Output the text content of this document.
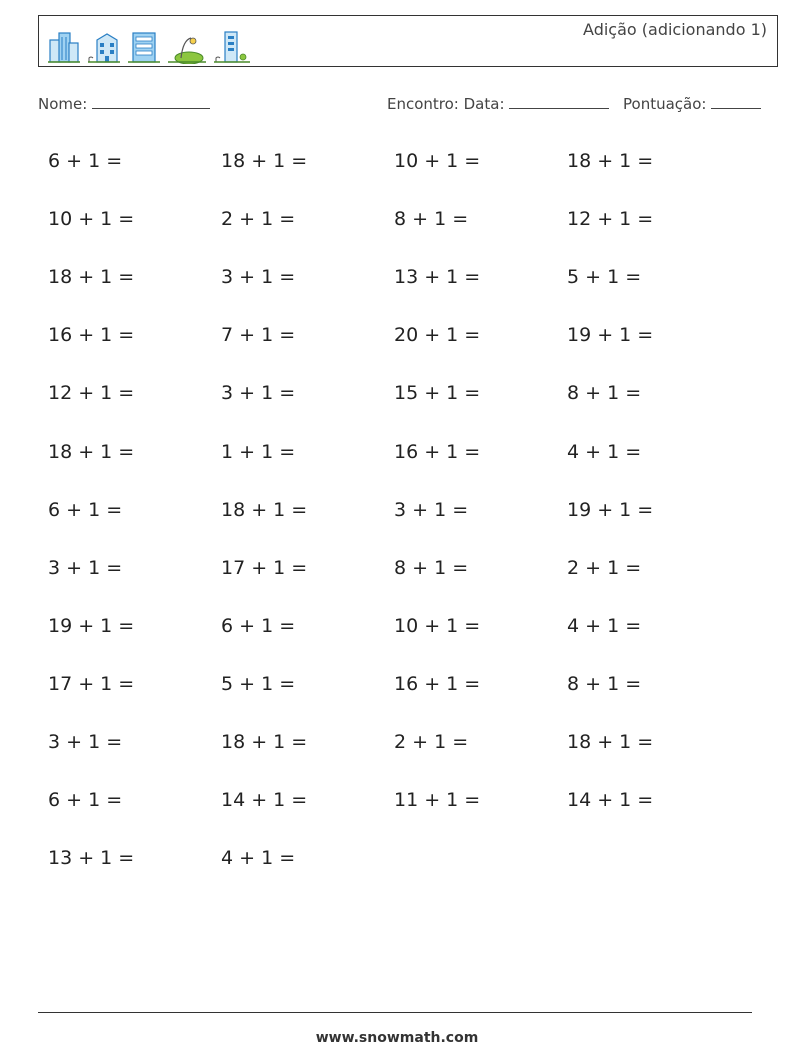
Adição (adicionando 1)
Nome:	Encontro: Data:	Pontuação:
6 + 1 =	18 + 1 =	10 + 1 =	18 + 1 =
10 + 1 =	2 + 1 =	8 + 1 =	12 + 1 =
18 + 1 =	3 + 1 =	13 + 1 =	5 + 1 =
16 + 1 =	7 + 1 =	20 + 1 =	19 + 1 =
12 + 1 =	3 + 1 =	15 + 1 =	8 + 1 =
18 + 1 =	1 + 1 =	16 + 1 =	4 + 1 =
6 + 1 =	18 + 1 =	3 + 1 =	19 + 1 =
3 + 1 =	17 + 1 =	8 + 1 =	2 + 1 =
19 + 1 =	6 + 1 =	10 + 1 =	4 + 1 =
17 + 1 =	5 + 1 =	16 + 1 =	8 + 1 =
3 + 1 =	18 + 1 =	2 + 1 =	18 + 1 =
6 + 1 =	14 + 1 =	11 + 1 =	14 + 1 =
13 + 1 =	4 + 1 =
www.snowmath.com
